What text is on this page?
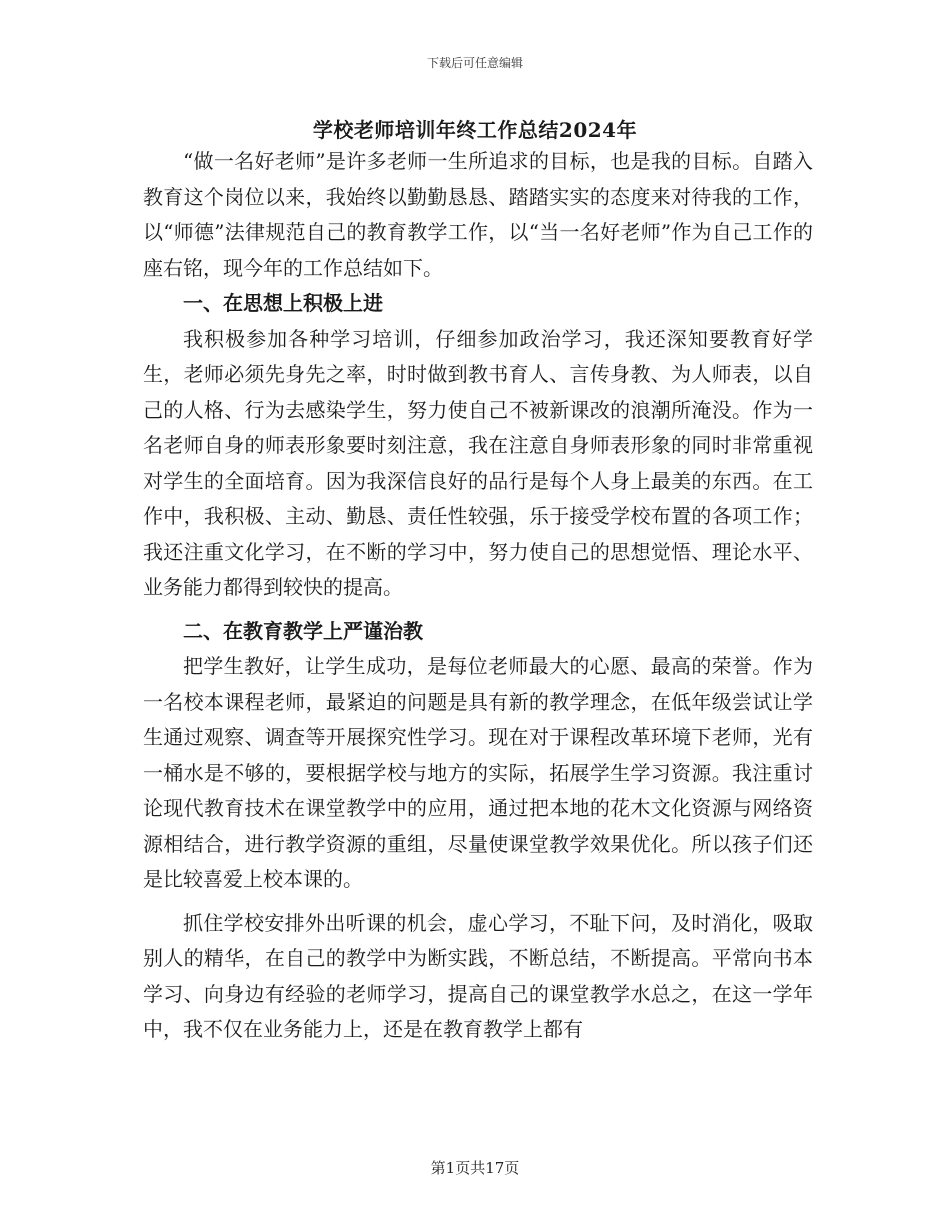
下载后可任意编辑
学校老师培训年终工作总结2024年

“做一名好老师”是许多老师一生所追求的目标，也是我的目标。自踏入教育这个岗位以来，我始终以勤勤恳恳、踏踏实实的态度来对待我的工作，以“师德”法律规范自己的教育教学工作，以“当一名好老师”作为自己工作的座右铭，现今年的工作总结如下。

一、在思想上积极上进

我积极参加各种学习培训，仔细参加政治学习，我还深知要教育好学生，老师必须先身先之率，时时做到教书育人、言传身教、为人师表，以自己的人格、行为去感染学生，努力使自己不被新课改的浪潮所淹没。作为一名老师自身的师表形象要时刻注意，我在注意自身师表形象的同时非常重视对学生的全面培育。因为我深信良好的品行是每个人身上最美的东西。在工作中，我积极、主动、勤恳、责任性较强，乐于接受学校布置的各项工作；我还注重文化学习，在不断的学习中，努力使自己的思想觉悟、理论水平、业务能力都得到较快的提高。

二、在教育教学上严谨治教

把学生教好，让学生成功，是每位老师最大的心愿、最高的荣誉。作为一名校本课程老师，最紧迫的问题是具有新的教学理念，在低年级尝试让学生通过观察、调查等开展探究性学习。现在对于课程改革环境下老师，光有一桶水是不够的，要根据学校与地方的实际，拓展学生学习资源。我注重讨论现代教育技术在课堂教学中的应用，通过把本地的花木文化资源与网络资源相结合，进行教学资源的重组，尽量使课堂教学效果优化。所以孩子们还是比较喜爱上校本课的。

抓住学校安排外出听课的机会，虚心学习，不耻下问，及时消化，吸取别人的精华，在自己的教学中为断实践，不断总结，不断提高。平常向书本学习、向身边有经验的老师学习，提高自己的课堂教学水总之，在这一学年中，我不仅在业务能力上，还是在教育教学上都有

第1页共17页
